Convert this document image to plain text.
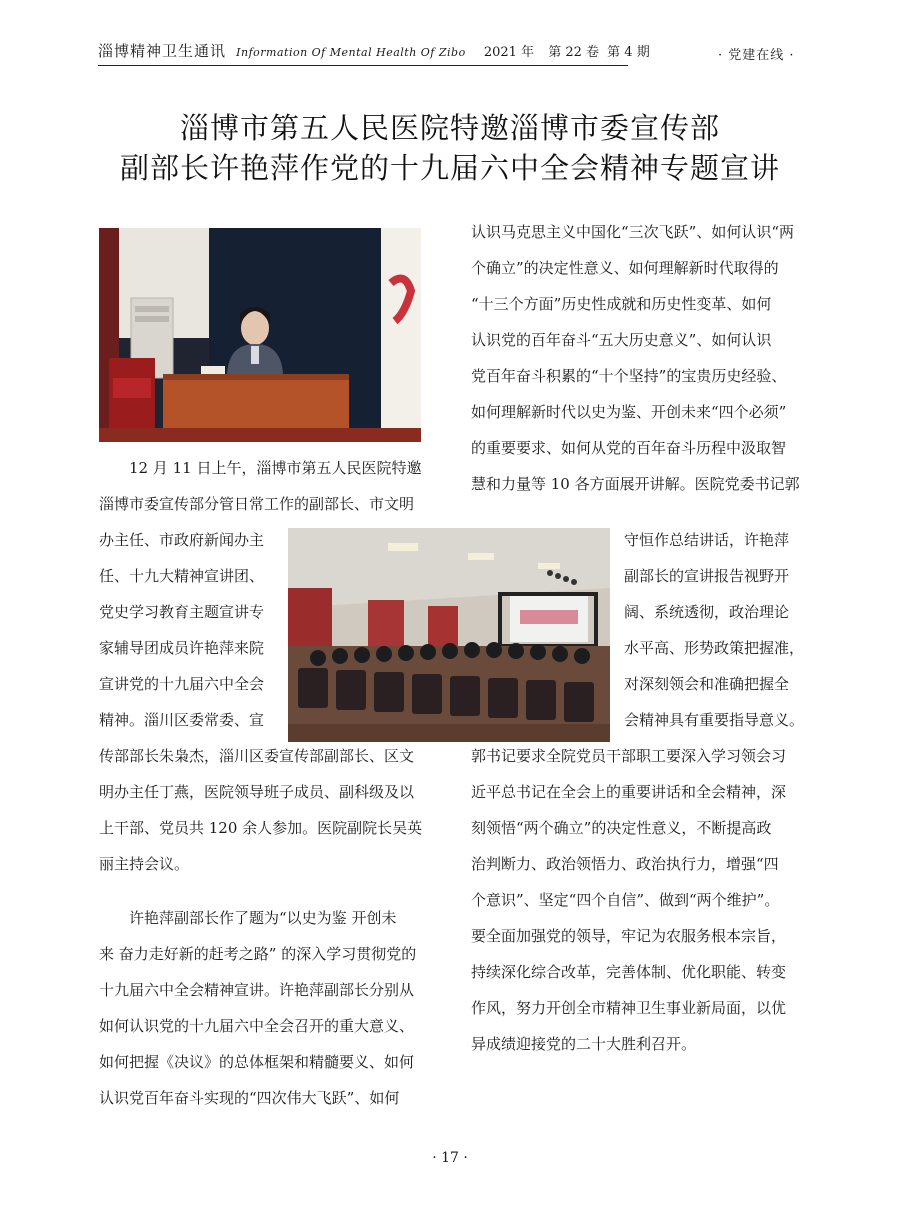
淄博精神卫生通讯 Information Of Mental Health Of Zibo 2021 年 第 22 卷 第 4 期	· 党建在线 ·
淄博市第五人民医院特邀淄博市委宣传部
副部长许艳萍作党的十九届六中全会精神专题宣讲
认识马克思主义中国化“三次飞跃”、如何认识“两
个确立”的决定性意义、如何理解新时代取得的
“十三个方面”历史性成就和历史性变革、如何
认识党的百年奋斗“五大历史意义”、如何认识
党百年奋斗积累的“十个坚持”的宝贵历史经验、
如何理解新时代以史为鉴、开创未来“四个必须”
的重要要求、如何从党的百年奋斗历程中汲取智
慧和力量等 10 各方面展开讲解。医院党委书记郭
　　12 月 11 日上午，淄博市第五人民医院特邀
淄博市委宣传部分管日常工作的副部长、市文明
办主任、市政府新闻办主
任、十九大精神宣讲团、
党史学习教育主题宣讲专
家辅导团成员许艳萍来院
宣讲党的十九届六中全会
精神。淄川区委常委、宣
守恒作总结讲话，许艳萍
副部长的宣讲报告视野开
阔、系统透彻，政治理论
水平高、形势政策把握准，
对深刻领会和准确把握全
会精神具有重要指导意义。
传部部长朱枭杰，淄川区委宣传部副部长、区文
明办主任丁燕，医院领导班子成员、副科级及以
上干部、党员共 120 余人参加。医院副院长吴英
丽主持会议。
郭书记要求全院党员干部职工要深入学习领会习
近平总书记在全会上的重要讲话和全会精神，深
刻领悟“两个确立”的决定性意义，不断提高政
治判断力、政治领悟力、政治执行力，增强“四
个意识”、坚定“四个自信”、做到“两个维护”。
要全面加强党的领导，牢记为农服务根本宗旨，
持续深化综合改革，完善体制、优化职能、转变
作风，努力开创全市精神卫生事业新局面，以优
异成绩迎接党的二十大胜利召开。
　　许艳萍副部长作了题为“以史为鉴 开创未
来 奋力走好新的赶考之路” 的深入学习贯彻党的
十九届六中全会精神宣讲。许艳萍副部长分别从
如何认识党的十九届六中全会召开的重大意义、
如何把握《决议》的总体框架和精髓要义、如何
认识党百年奋斗实现的“四次伟大飞跃”、如何
· 17 ·
